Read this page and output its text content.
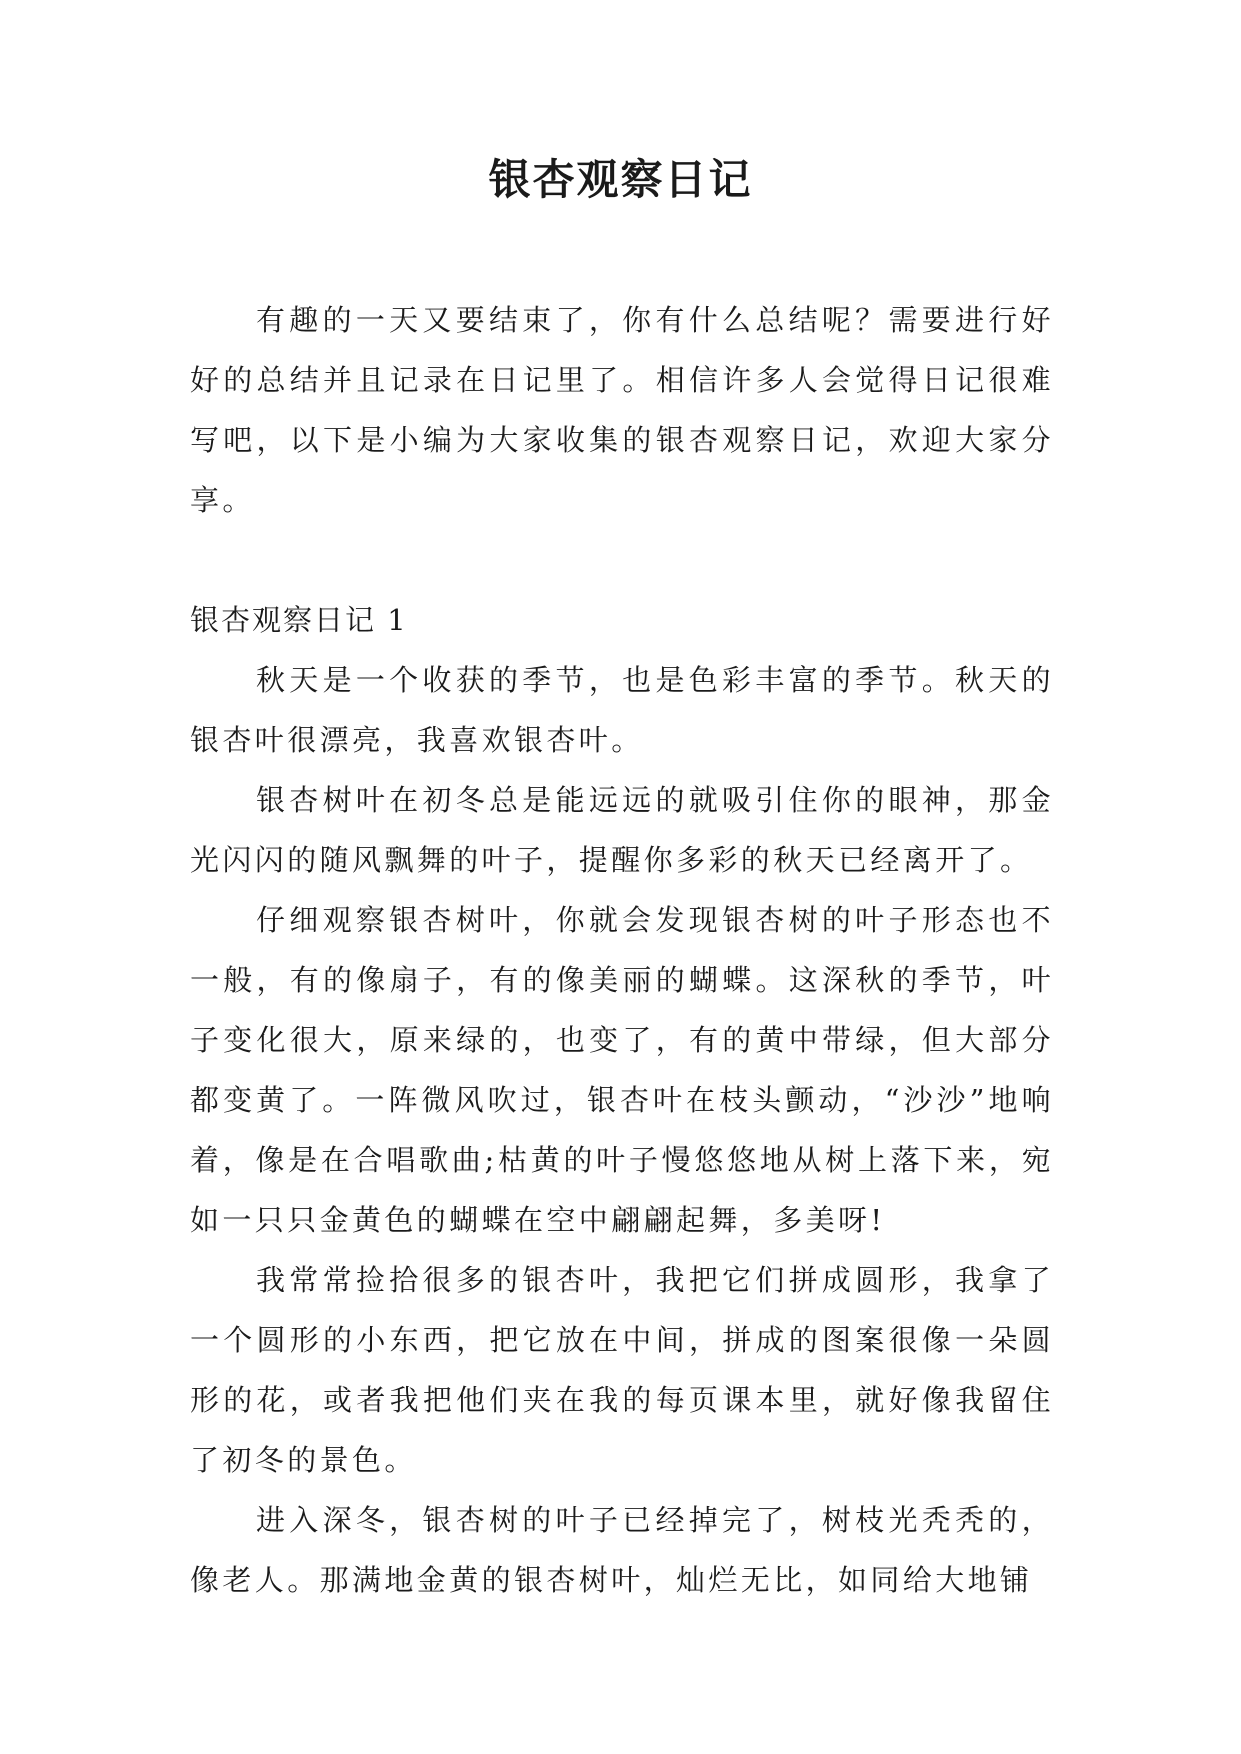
银杏观察日记

有趣的一天又要结束了，你有什么总结呢？需要进行好好的总结并且记录在日记里了。相信许多人会觉得日记很难写吧，以下是小编为大家收集的银杏观察日记，欢迎大家分享。

银杏观察日记 1

秋天是一个收获的季节，也是色彩丰富的季节。秋天的银杏叶很漂亮，我喜欢银杏叶。

银杏树叶在初冬总是能远远的就吸引住你的眼神，那金光闪闪的随风飘舞的叶子，提醒你多彩的秋天已经离开了。

仔细观察银杏树叶，你就会发现银杏树的叶子形态也不一般，有的像扇子，有的像美丽的蝴蝶。这深秋的季节，叶子变化很大，原来绿的，也变了，有的黄中带绿，但大部分都变黄了。一阵微风吹过，银杏叶在枝头颤动，“沙沙”地响着，像是在合唱歌曲;枯黄的叶子慢悠悠地从树上落下来，宛如一只只金黄色的蝴蝶在空中翩翩起舞，多美呀!

我常常捡拾很多的银杏叶，我把它们拼成圆形，我拿了一个圆形的小东西，把它放在中间，拼成的图案很像一朵圆形的花，或者我把他们夹在我的每页课本里，就好像我留住了初冬的景色。

进入深冬，银杏树的叶子已经掉完了，树枝光秃秃的，像老人。那满地金黄的银杏树叶，灿烂无比，如同给大地铺
